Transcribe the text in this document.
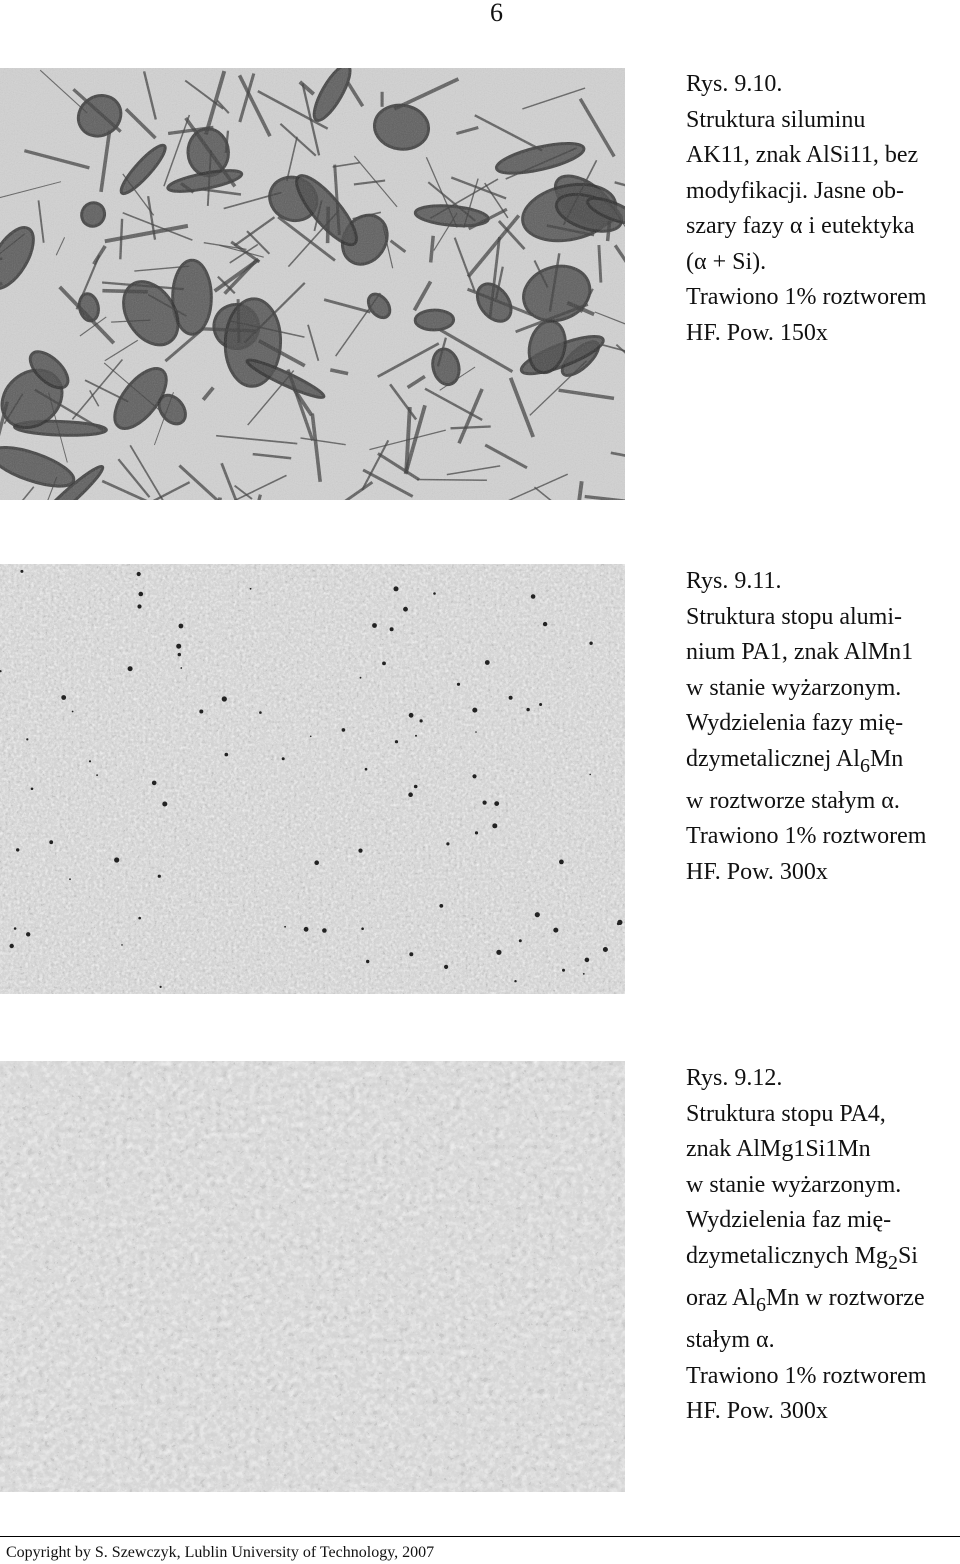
6
Rys. 9.10.
Struktura siluminu
AK11, znak AlSi11, bez
modyfikacji. Jasne ob-
szary fazy α i eutektyka
(α + Si).
Trawiono 1% roztworem
HF. Pow. 150x
Rys. 9.11.
Struktura stopu alumi-
nium PA1, znak AlMn1
w stanie wyżarzonym.
Wydzielenia fazy mię-
dzymetalicznej $Al_6Mn$
w roztworze stałym α.
Trawiono 1% roztworem
HF. Pow. 300x
Rys. 9.12.
Struktura stopu PA4,
znak AlMg1Si1Mn
w stanie wyżarzonym.
Wydzielenia faz mię-
dzymetalicznych $Mg_2Si$
oraz $Al_6Mn$ w roztworze
stałym α.
Trawiono 1% roztworem
HF. Pow. 300x
Copyright by S. Szewczyk, Lublin University of Technology, 2007
